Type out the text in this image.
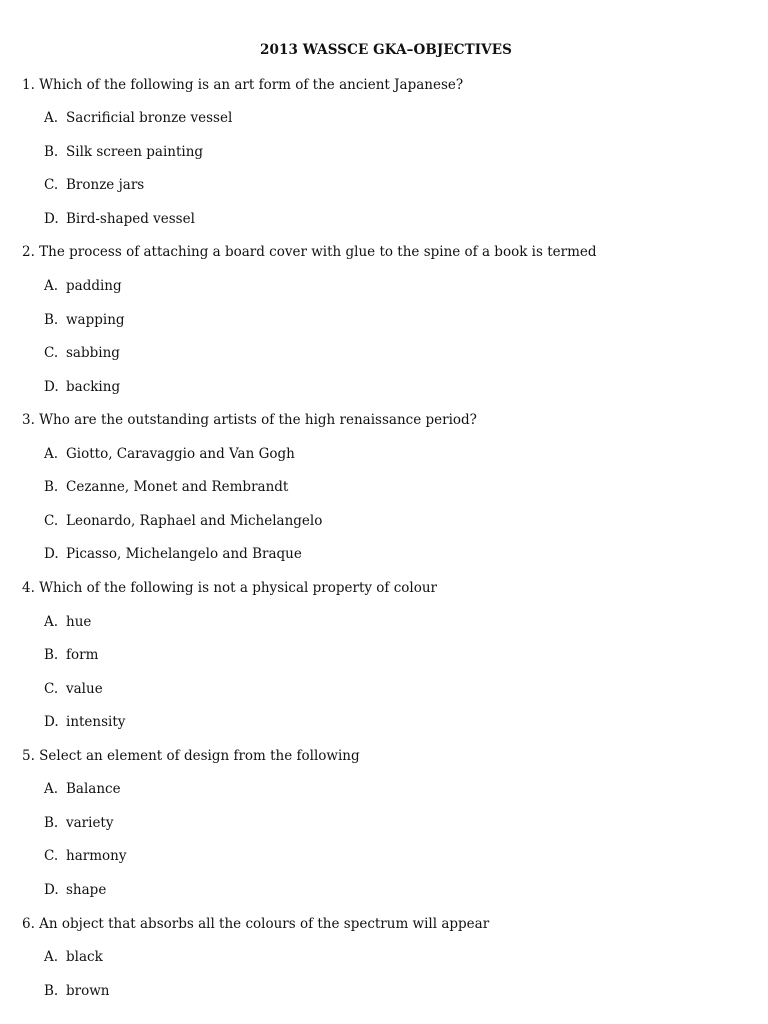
2013 WASSCE GKA–OBJECTIVES
1. Which of the following is an art form of the ancient Japanese?
A. Sacrificial bronze vessel
B. Silk screen painting
C. Bronze jars
D. Bird-shaped vessel
2. The process of attaching a board cover with glue to the spine of a book is termed
A. padding
B. wapping
C. sabbing
D. backing
3. Who are the outstanding artists of the high renaissance period?
A. Giotto, Caravaggio and Van Gogh
B. Cezanne, Monet and Rembrandt
C. Leonardo, Raphael and Michelangelo
D. Picasso, Michelangelo and Braque
4. Which of the following is not a physical property of colour
A. hue
B. form
C. value
D. intensity
5. Select an element of design from the following
A. Balance
B. variety
C. harmony
D. shape
6. An object that absorbs all the colours of the spectrum will appear
A. black
B. brown
